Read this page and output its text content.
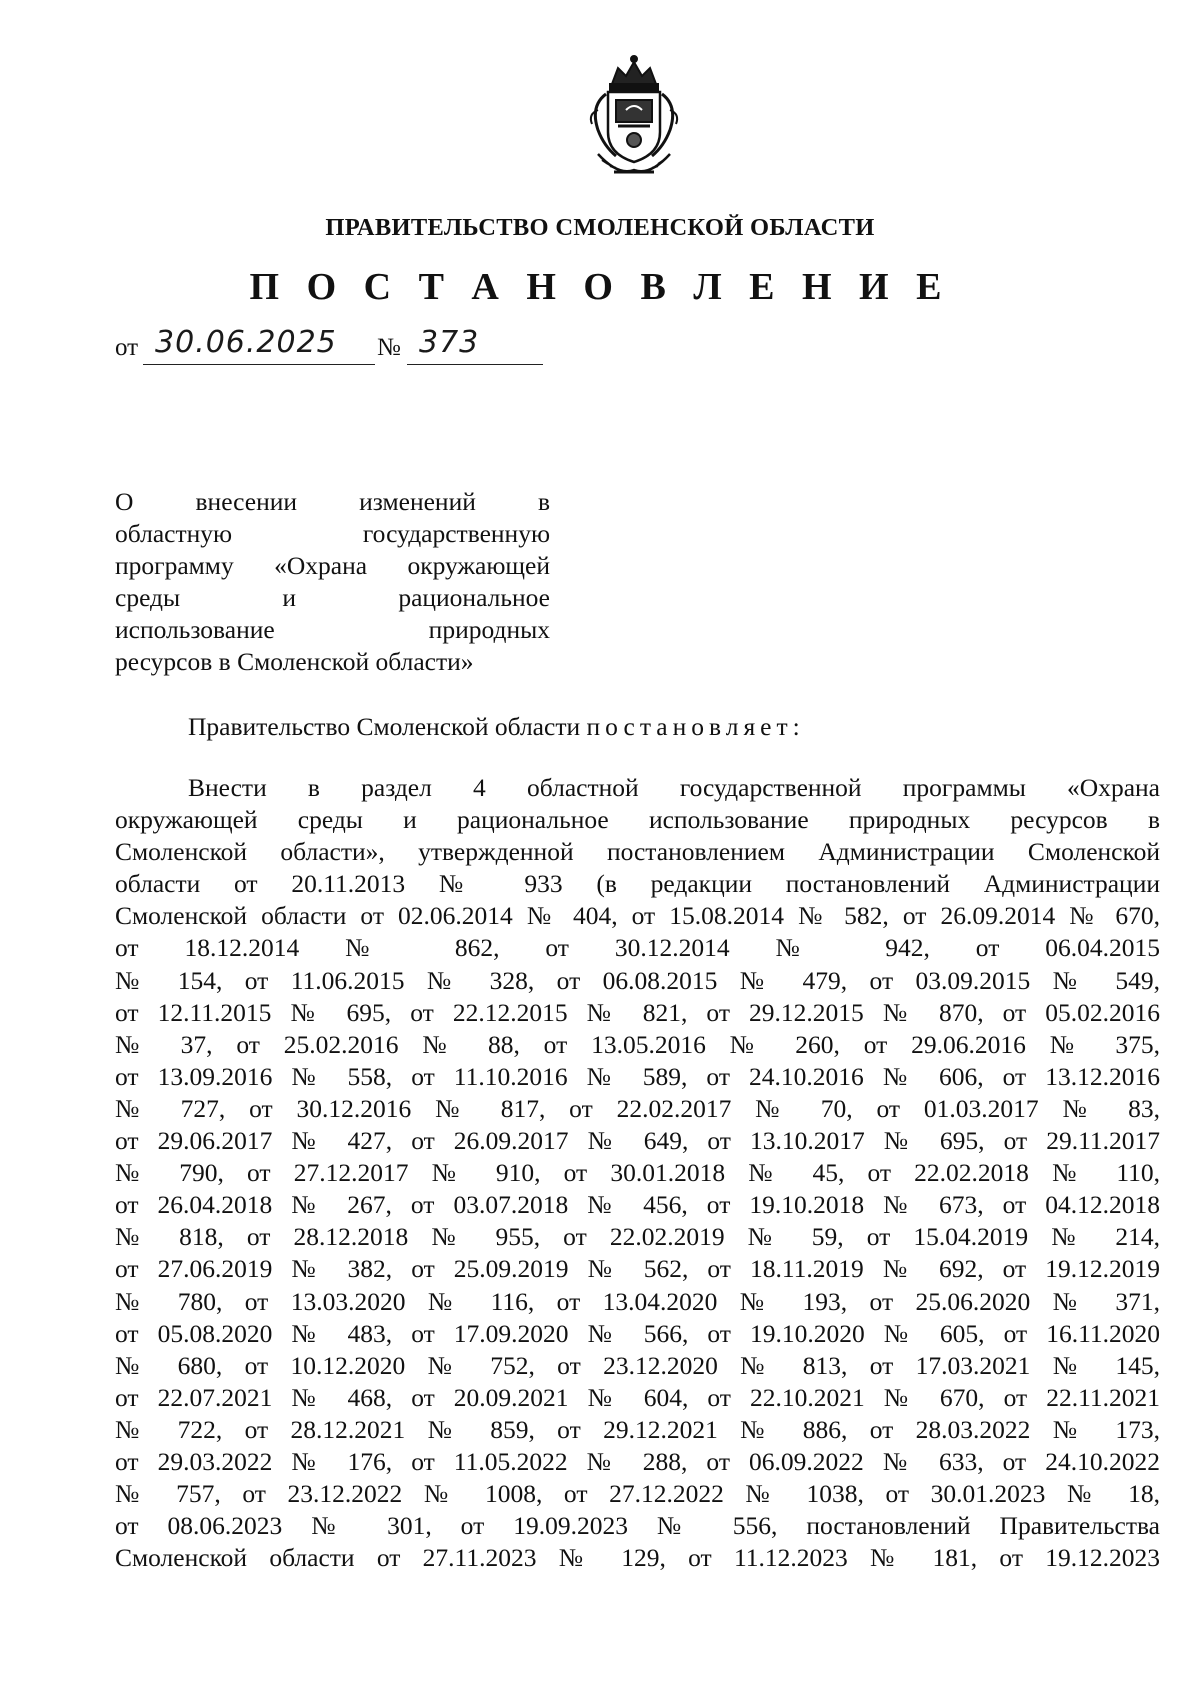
ПРАВИТЕЛЬСТВО СМОЛЕНСКОЙ ОБЛАСТИ
П О С Т А Н О В Л Е Н И Е
от 30.06.2025 № 373
О внесении изменений в
областную государственную
программу «Охрана окружающей
среды и рациональное
использование природных
ресурсов в Смоленской области»
Правительство Смоленской области постановляет:
Внести в раздел 4 областной государственной программы «Охрана
окружающей среды и рациональное использование природных ресурсов в
Смоленской области», утвержденной постановлением Администрации Смоленской
области от 20.11.2013 № 933 (в редакции постановлений Администрации
Смоленской области от 02.06.2014 № 404, от 15.08.2014 № 582, от 26.09.2014 № 670,
от 18.12.2014 № 862, от 30.12.2014 № 942, от 06.04.2015
№ 154, от 11.06.2015 № 328, от 06.08.2015 № 479, от 03.09.2015 № 549,
от 12.11.2015 № 695, от 22.12.2015 № 821, от 29.12.2015 № 870, от 05.02.2016
№ 37, от 25.02.2016 № 88, от 13.05.2016 № 260, от 29.06.2016 № 375,
от 13.09.2016 № 558, от 11.10.2016 № 589, от 24.10.2016 № 606, от 13.12.2016
№ 727, от 30.12.2016 № 817, от 22.02.2017 № 70, от 01.03.2017 № 83,
от 29.06.2017 № 427, от 26.09.2017 № 649, от 13.10.2017 № 695, от 29.11.2017
№ 790, от 27.12.2017 № 910, от 30.01.2018 № 45, от 22.02.2018 № 110,
от 26.04.2018 № 267, от 03.07.2018 № 456, от 19.10.2018 № 673, от 04.12.2018
№ 818, от 28.12.2018 № 955, от 22.02.2019 № 59, от 15.04.2019 № 214,
от 27.06.2019 № 382, от 25.09.2019 № 562, от 18.11.2019 № 692, от 19.12.2019
№ 780, от 13.03.2020 № 116, от 13.04.2020 № 193, от 25.06.2020 № 371,
от 05.08.2020 № 483, от 17.09.2020 № 566, от 19.10.2020 № 605, от 16.11.2020
№ 680, от 10.12.2020 № 752, от 23.12.2020 № 813, от 17.03.2021 № 145,
от 22.07.2021 № 468, от 20.09.2021 № 604, от 22.10.2021 № 670, от 22.11.2021
№ 722, от 28.12.2021 № 859, от 29.12.2021 № 886, от 28.03.2022 № 173,
от 29.03.2022 № 176, от 11.05.2022 № 288, от 06.09.2022 № 633, от 24.10.2022
№ 757, от 23.12.2022 № 1008, от 27.12.2022 № 1038, от 30.01.2023 № 18,
от 08.06.2023 № 301, от 19.09.2023 № 556, постановлений Правительства
Смоленской области от 27.11.2023 № 129, от 11.12.2023 № 181, от 19.12.2023
